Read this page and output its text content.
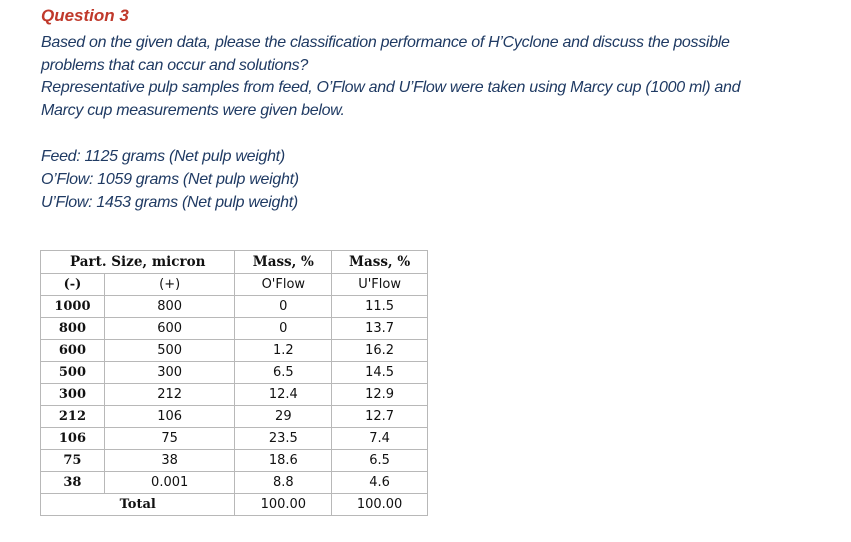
Question 3
Based on the given data, please the classification performance of H’Cyclone and discuss the possible
problems that can occur and solutions?
Representative pulp samples from feed, O’Flow and U’Flow were taken using Marcy cup (1000 ml) and
Marcy cup measurements were given below.
Feed: 1125 grams (Net pulp weight)
O’Flow: 1059 grams (Net pulp weight)
U’Flow: 1453 grams (Net pulp weight)
Part. Size, micron		Mass, %	Mass, %
(-)	(+)	O'Flow	U'Flow
1000	800	0	11.5
800	600	0	13.7
600	500	1.2	16.2
500	300	6.5	14.5
300	212	12.4	12.9
212	106	29	12.7
106	75	23.5	7.4
75	38	18.6	6.5
38	0.001	8.8	4.6
Total		100.00	100.00
